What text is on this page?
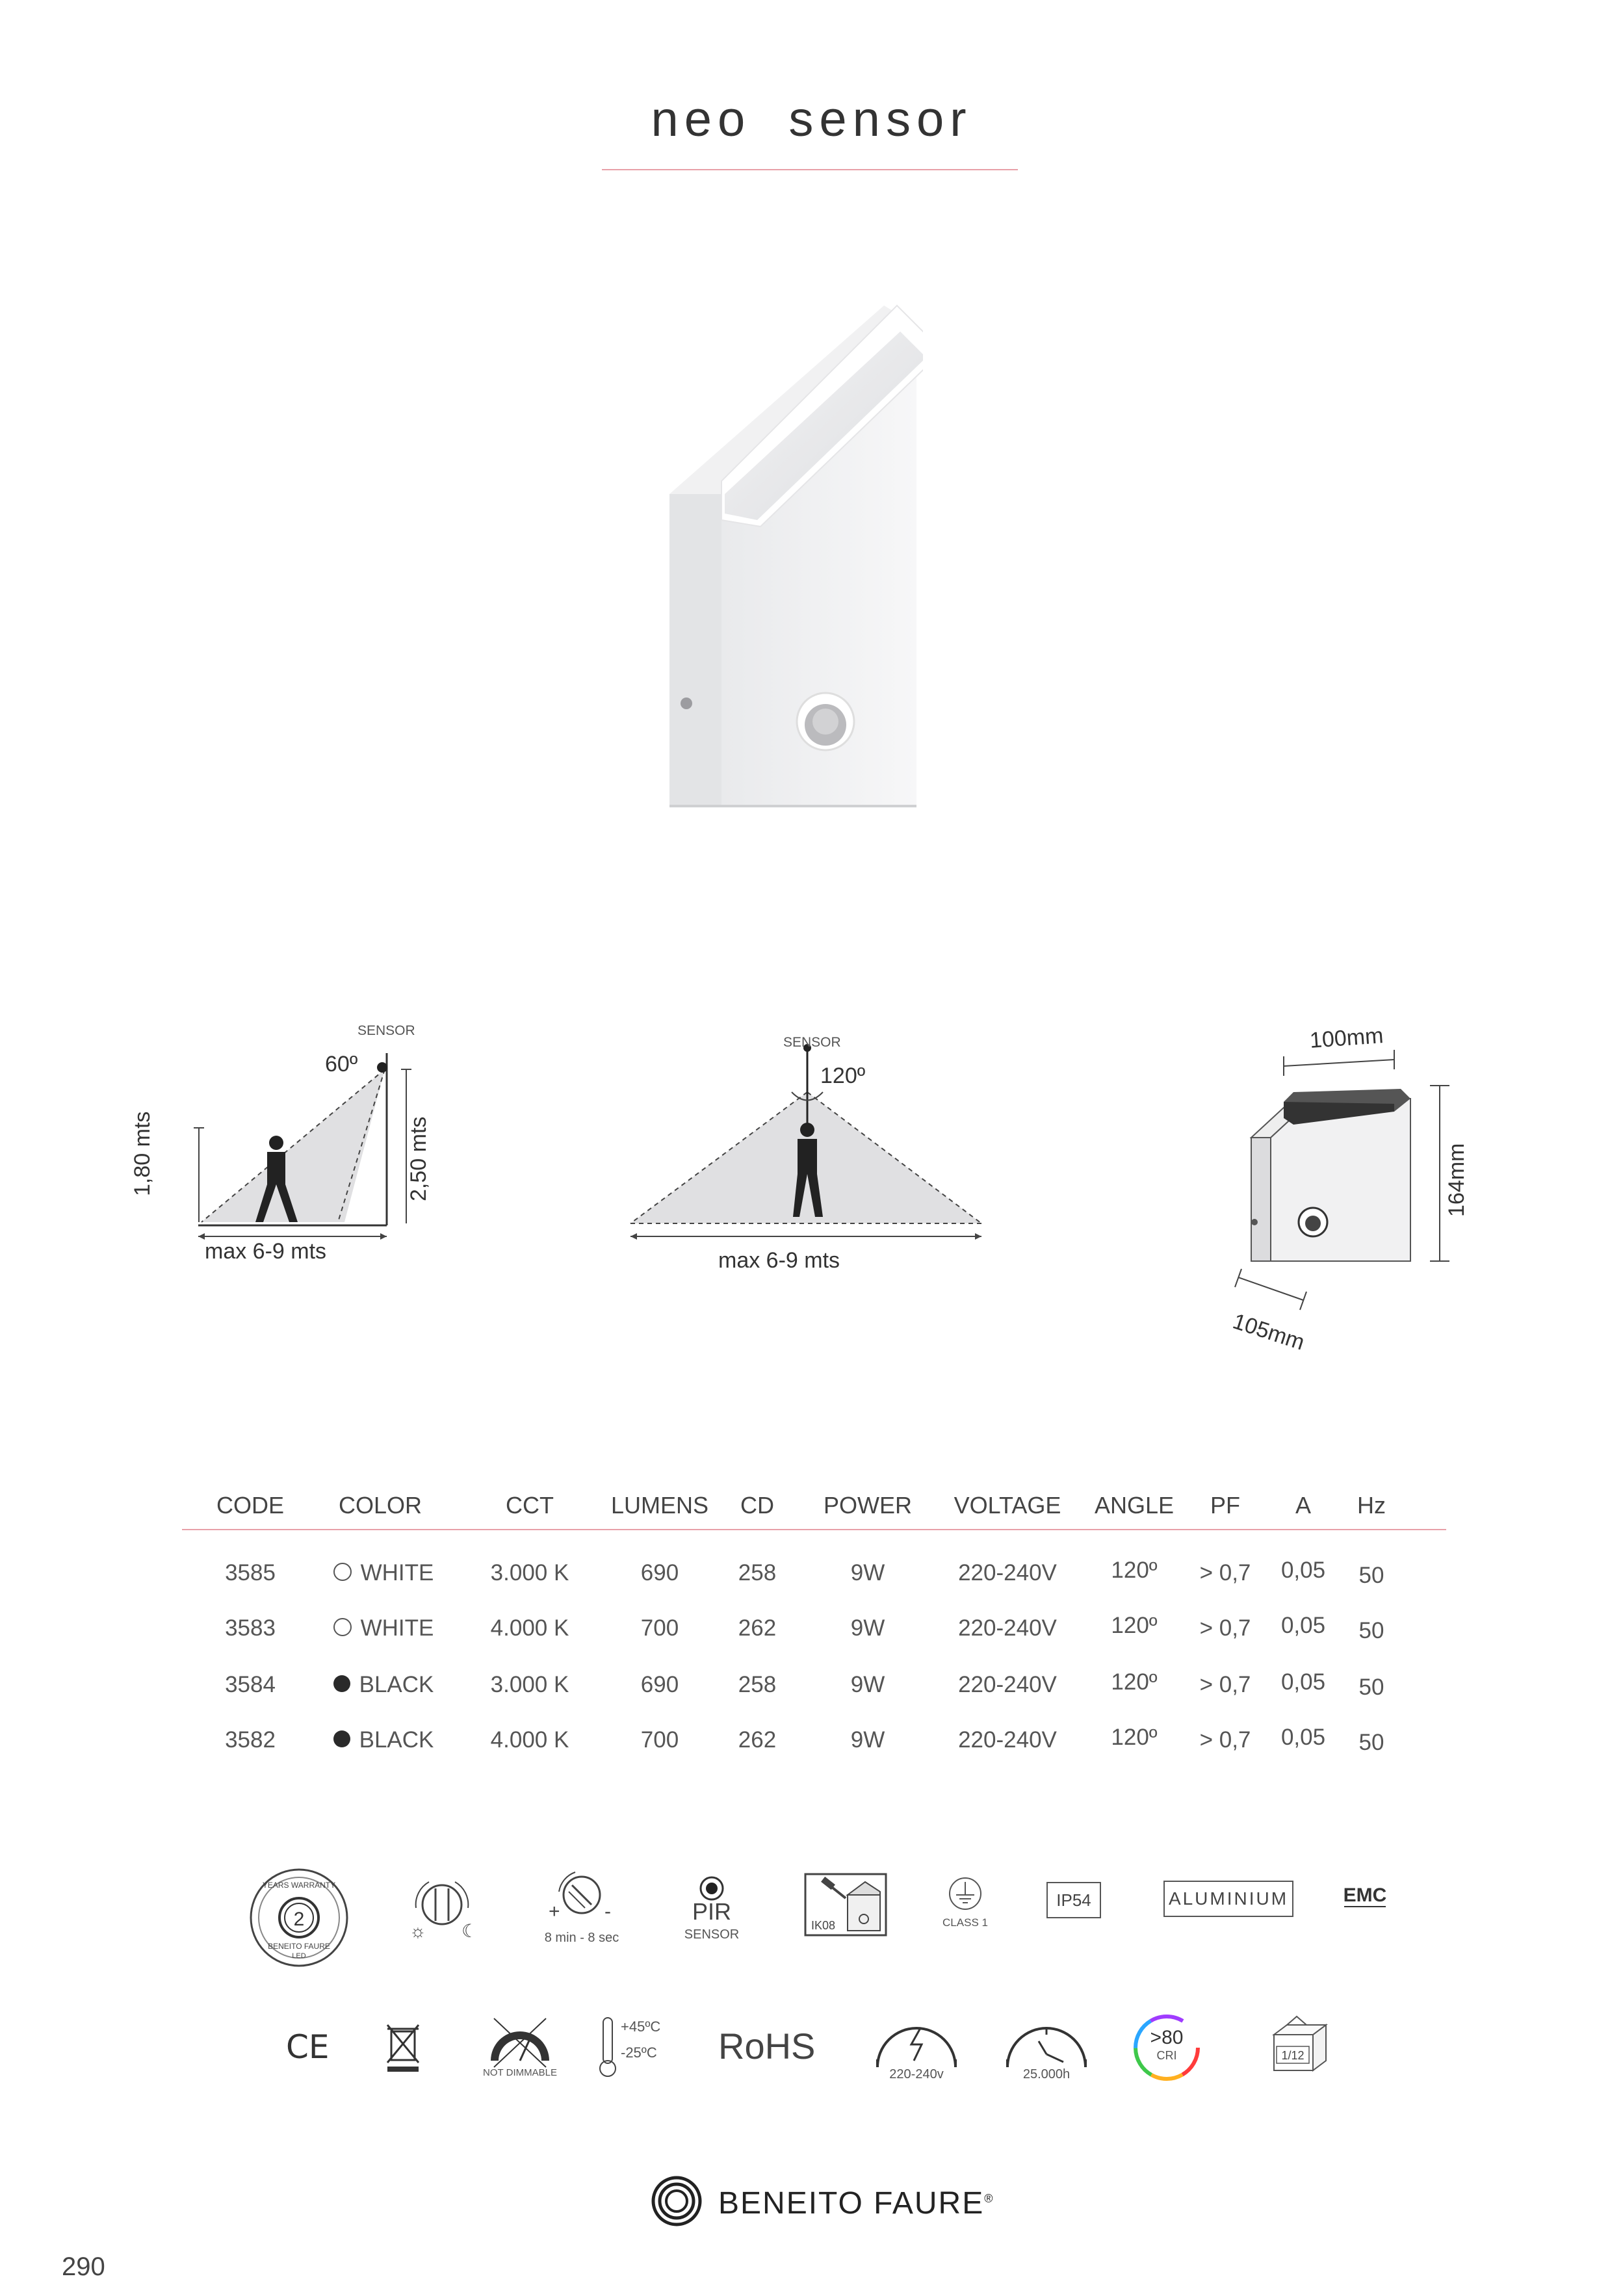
neo sensor
SENSOR
60º
1,80 mts	2,50 mts
max 6-9 mts
SENSOR
120º
max 6-9 mts
100mm
164mm
105mm
CODE	COLOR	CCT	LUMENS	CD	POWER	VOLTAGE	ANGLE	PF	A	Hz
3585	WHITE	3.000 K	690	258	9W	220-240V	120º	> 0,7	0,05	50
3583	WHITE	4.000 K	700	262	9W	220-240V	120º	> 0,7	0,05	50
3584	BLACK	3.000 K	690	258	9W	220-240V	120º	> 0,7	0,05	50
3582	BLACK	4.000 K	700	262	9W	220-240V	120º	> 0,7	0,05	50
2
YEARS WARRANTY
BENEITO FAURE
LED
☼ ☾
+ -
8 min - 8 sec
PIR
SENSOR
IK08	CLASS 1
IP54	ALUMINIUM	EMC
CE
NOT DIMMABLE
+45ºC
-25ºC	RoHS
220-240v	25.000h
>80
CRI	1/12
BENEITO FAURE®
290
